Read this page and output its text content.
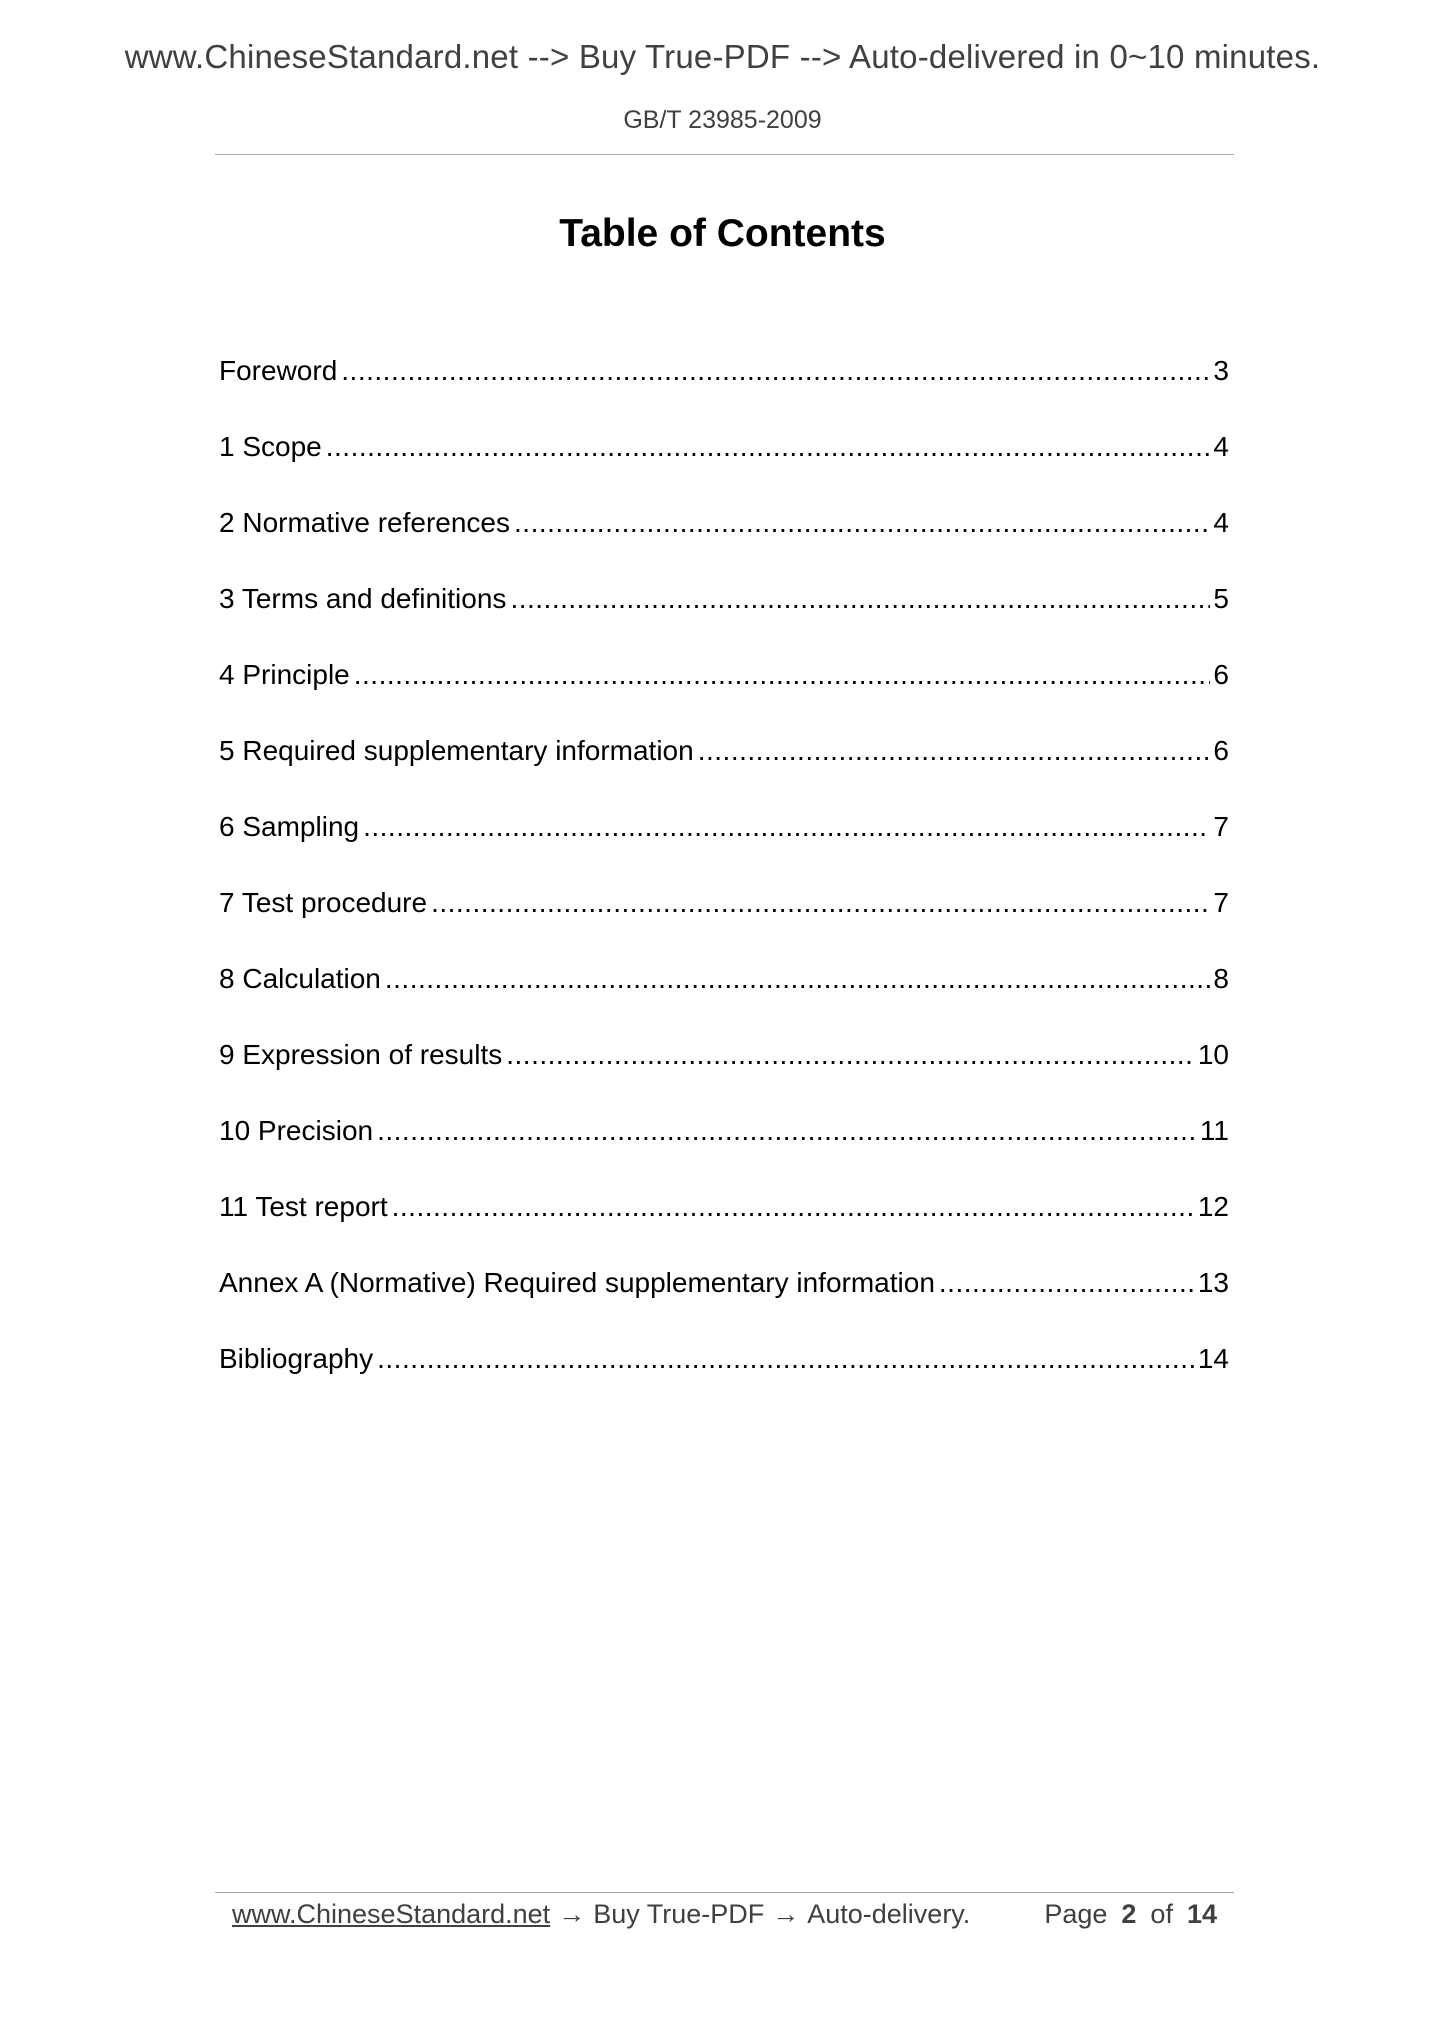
www.ChineseStandard.net --> Buy True-PDF --> Auto-delivered in 0~10 minutes.
GB/T 23985-2009
Table of Contents
Foreword .....	3
1 Scope .....	4
2 Normative references .....	4
3 Terms and definitions .....	5
4 Principle .....	6
5 Required supplementary information .....	6
6 Sampling .....	7
7 Test procedure .....	7
8 Calculation .....	8
9 Expression of results .....	10
10 Precision .....	11
11 Test report .....	12
Annex A (Normative) Required supplementary information .....	13
Bibliography .....	14
www.ChineseStandard.net → Buy True-PDF → Auto-delivery.	Page 2 of 14
